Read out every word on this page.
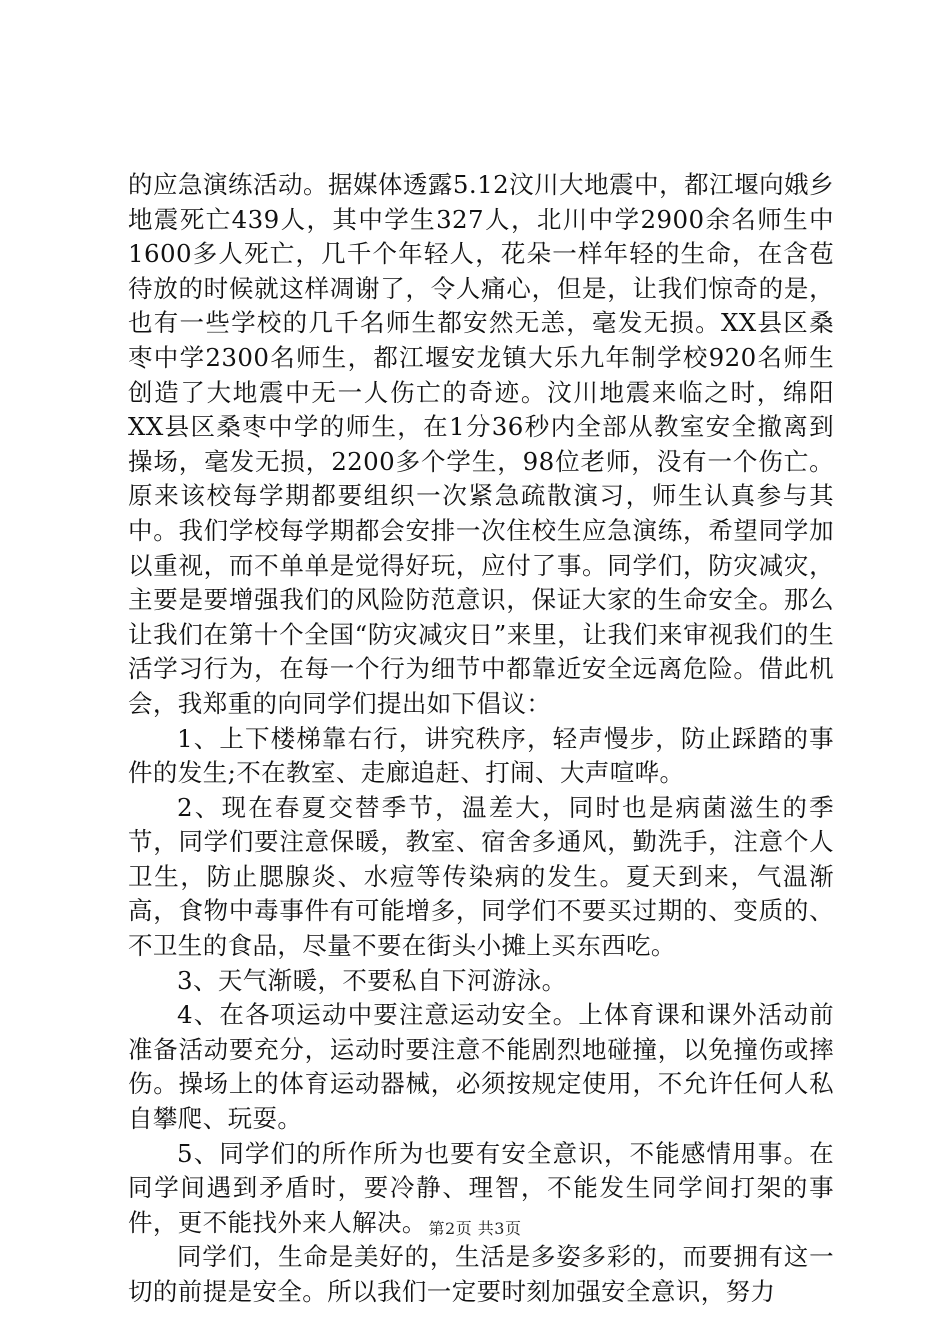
的应急演练活动。据媒体透露5.12汶川大地震中，都江堰向娥乡地震死亡439人，其中学生327人，北川中学2900余名师生中1600多人死亡，几千个年轻人，花朵一样年轻的生命，在含苞待放的时候就这样凋谢了，令人痛心，但是，让我们惊奇的是，也有一些学校的几千名师生都安然无恙，毫发无损。XX县区桑枣中学2300名师生，都江堰安龙镇大乐九年制学校920名师生创造了大地震中无一人伤亡的奇迹。汶川地震来临之时，绵阳XX县区桑枣中学的师生，在1分36秒内全部从教室安全撤离到操场，毫发无损，2200多个学生，98位老师，没有一个伤亡。原来该校每学期都要组织一次紧急疏散演习，师生认真参与其中。我们学校每学期都会安排一次住校生应急演练，希望同学加以重视，而不单单是觉得好玩，应付了事。同学们，防灾减灾，主要是要增强我们的风险防范意识，保证大家的生命安全。那么让我们在第十个全国“防灾减灾日”来里，让我们来审视我们的生活学习行为，在每一个行为细节中都靠近安全远离危险。借此机会，我郑重的向同学们提出如下倡议：

1、上下楼梯靠右行，讲究秩序，轻声慢步，防止踩踏的事件的发生;不在教室、走廊追赶、打闹、大声喧哗。

2、现在春夏交替季节，温差大，同时也是病菌滋生的季节，同学们要注意保暖，教室、宿舍多通风，勤洗手，注意个人卫生，防止腮腺炎、水痘等传染病的发生。夏天到来，气温渐高，食物中毒事件有可能增多，同学们不要买过期的、变质的、不卫生的食品，尽量不要在街头小摊上买东西吃。

3、天气渐暖，不要私自下河游泳。

4、在各项运动中要注意运动安全。上体育课和课外活动前准备活动要充分，运动时要注意不能剧烈地碰撞，以免撞伤或摔伤。操场上的体育运动器械，必须按规定使用，不允许任何人私自攀爬、玩耍。

5、同学们的所作所为也要有安全意识，不能感情用事。在同学间遇到矛盾时，要冷静、理智，不能发生同学间打架的事件，更不能找外来人解决。

同学们，生命是美好的，生活是多姿多彩的，而要拥有这一切的前提是安全。所以我们一定要时刻加强安全意识，努力

第2页 共3页
